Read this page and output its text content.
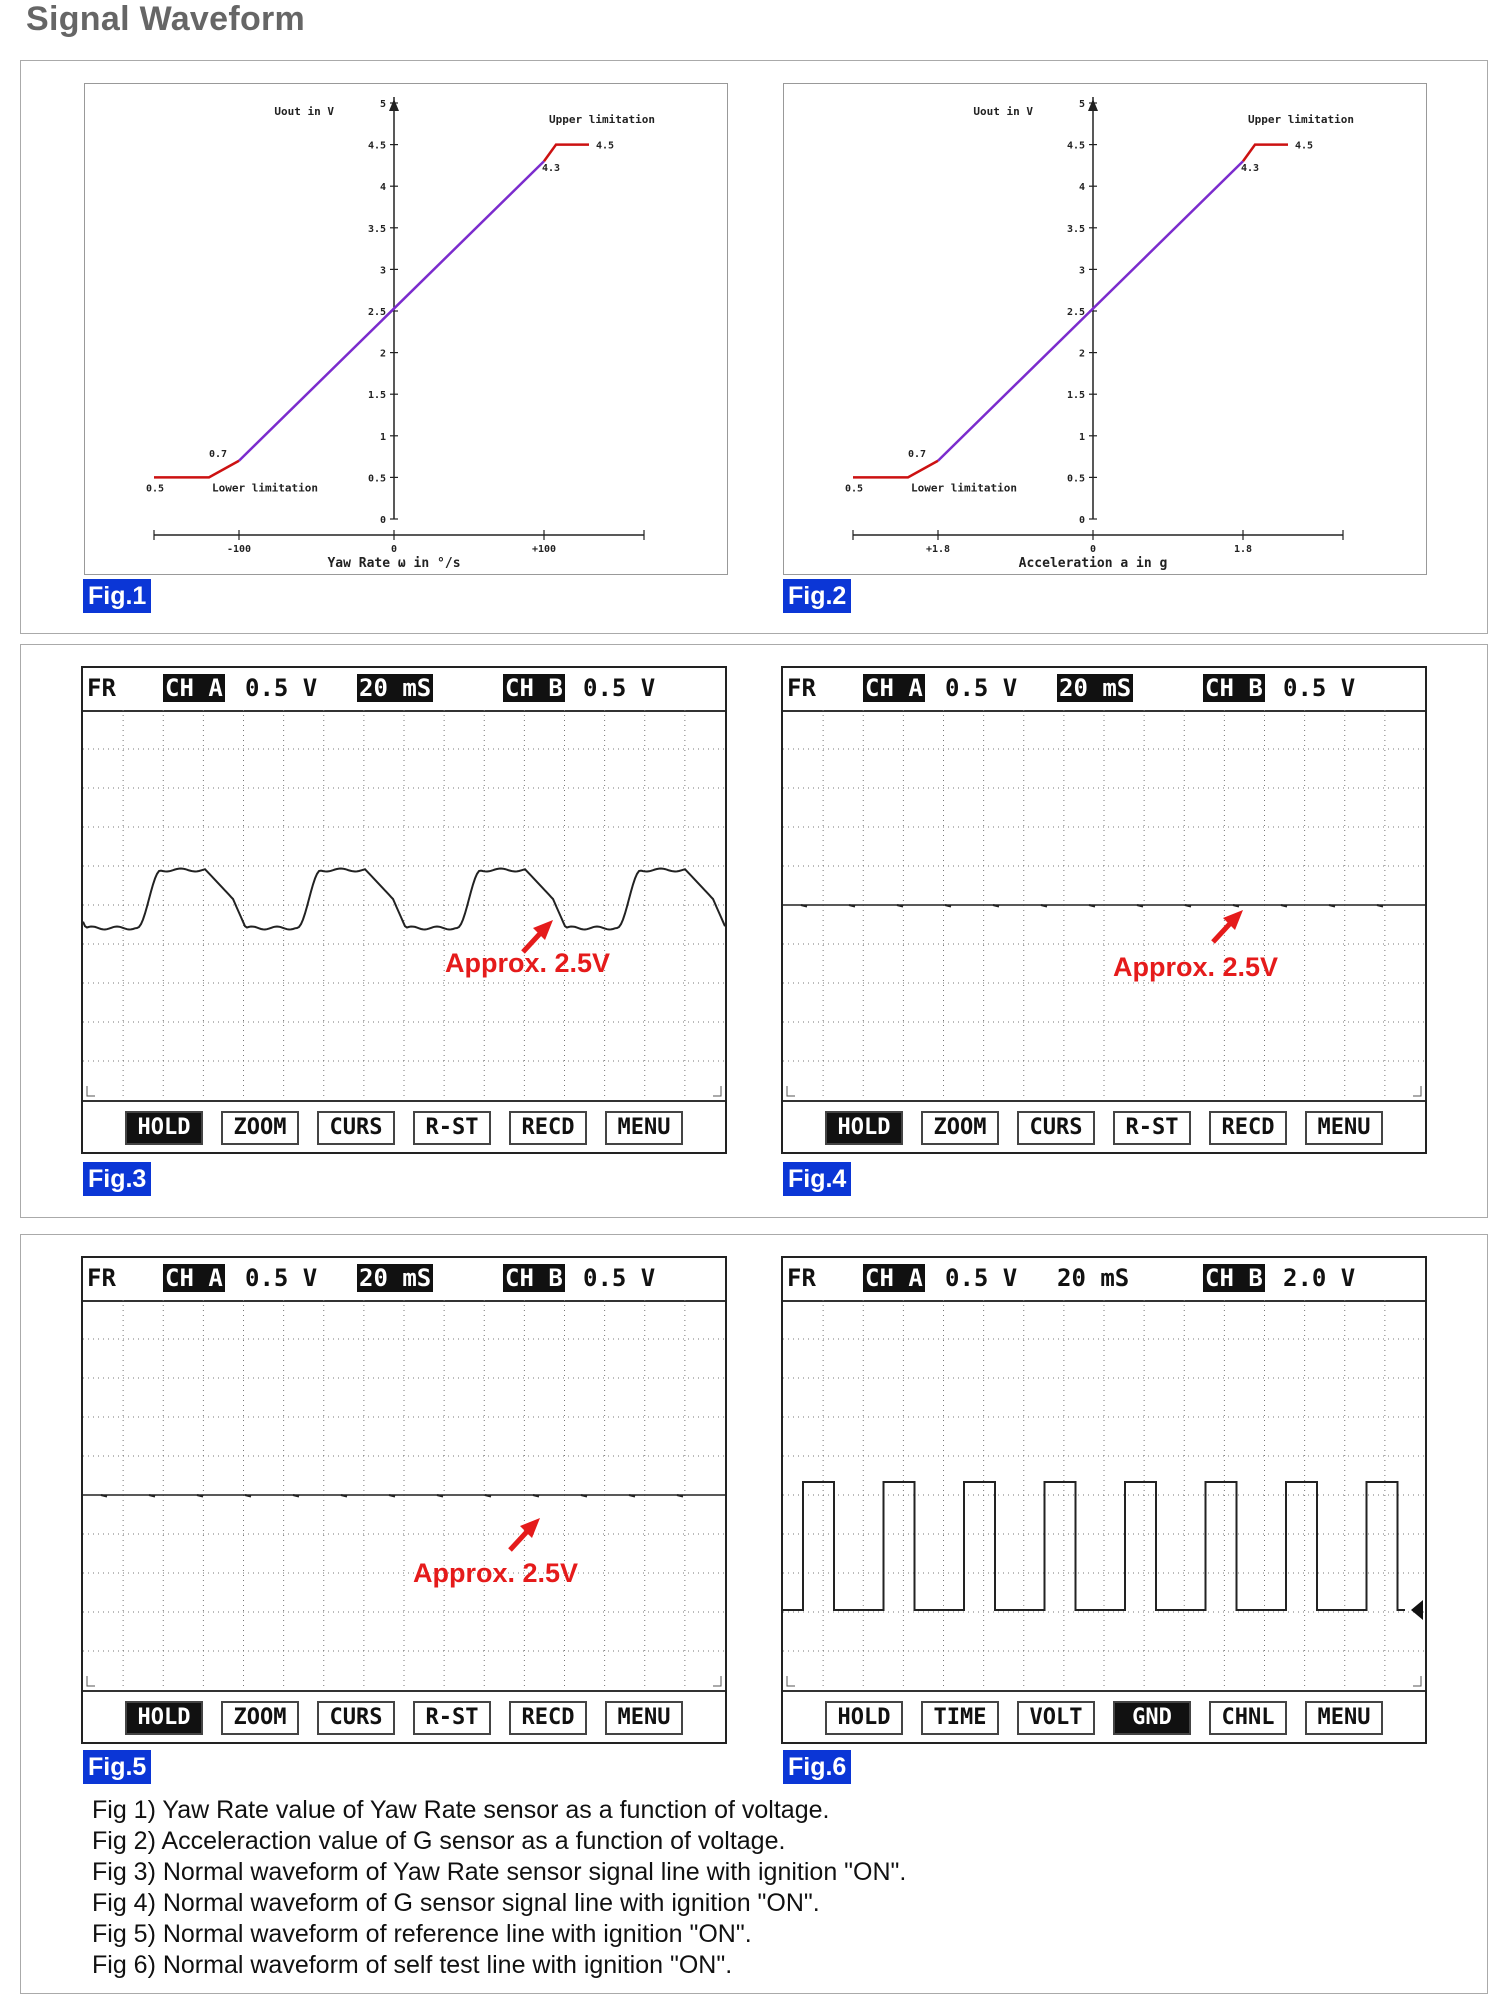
Signal Waveform
5
4.5
4
3.5
3
2.5
2
1.5
1
0.5
0
Uout in V
-100	0	+100
Yaw Rate ω in °/s
Upper limitation
4.5
4.3
0.7
0.5	Lower limitation
Fig.1
5
4.5
4
3.5
3
2.5
2
1.5
1
0.5
0
Uout in V
+1.8	0	1.8
Acceleration a in g
Upper limitation
4.5
4.3
0.7
0.5	Lower limitation
Fig.2
FR CH A 0.5 V 20 mS	CH B 0.5 V
Approx. 2.5V
HOLD	ZOOM	CURS	R-ST	RECD	MENU
Fig.3
FR CH A 0.5 V 20 mS	CH B 0.5 V
Approx. 2.5V
HOLD	ZOOM	CURS	R-ST	RECD	MENU
Fig.4
FR CH A 0.5 V 20 mS	CH B 0.5 V
Approx. 2.5V
HOLD	ZOOM	CURS	R-ST	RECD	MENU
Fig.5
FR CH A 0.5 V 20 mS	CH B 2.0 V
HOLD	TIME	VOLT	GND	CHNL	MENU
Fig.6
Fig 1) Yaw Rate value of Yaw Rate sensor as a function of voltage.
Fig 2) Acceleraction value of G sensor as a function of voltage.
Fig 3) Normal waveform of Yaw Rate sensor signal line with ignition "ON".
Fig 4) Normal waveform of G sensor signal line with ignition "ON".
Fig 5) Normal waveform of reference line with ignition "ON".
Fig 6) Normal waveform of self test line with ignition "ON".
